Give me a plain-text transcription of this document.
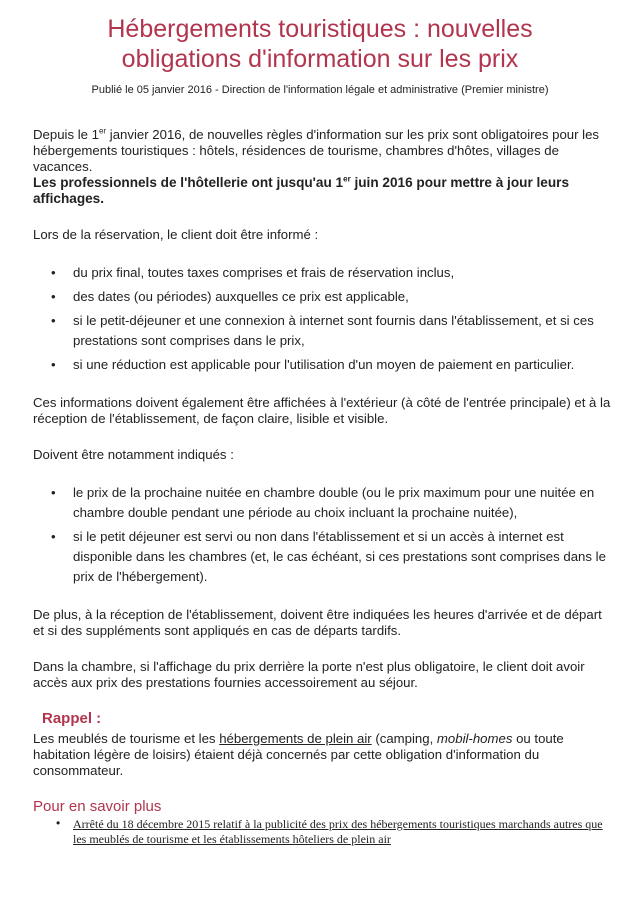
Hébergements touristiques : nouvelles
obligations d'information sur les prix
Publié le 05 janvier 2016 - Direction de l'information légale et administrative (Premier ministre)

Depuis le 1er janvier 2016, de nouvelles règles d'information sur les prix sont obligatoires pour les hébergements touristiques : hôtels, résidences de tourisme, chambres d'hôtes, villages de vacances.

Les professionnels de l'hôtellerie ont jusqu'au 1er juin 2016 pour mettre à jour leurs affichages.

Lors de la réservation, le client doit être informé :

• du prix final, toutes taxes comprises et frais de réservation inclus,
• des dates (ou périodes) auxquelles ce prix est applicable,
• si le petit-déjeuner et une connexion à internet sont fournis dans l'établissement, et si ces prestations sont comprises dans le prix,
• si une réduction est applicable pour l'utilisation d'un moyen de paiement en particulier.

Ces informations doivent également être affichées à l'extérieur (à côté de l'entrée principale) et à la réception de l'établissement, de façon claire, lisible et visible.

Doivent être notamment indiqués :

• le prix de la prochaine nuitée en chambre double (ou le prix maximum pour une nuitée en chambre double pendant une période au choix incluant la prochaine nuitée),
• si le petit déjeuner est servi ou non dans l'établissement et si un accès à internet est disponible dans les chambres (et, le cas échéant, si ces prestations sont comprises dans le prix de l'hébergement).

De plus, à la réception de l'établissement, doivent être indiquées les heures d'arrivée et de départ et si des suppléments sont appliqués en cas de départs tardifs.

Dans la chambre, si l'affichage du prix derrière la porte n'est plus obligatoire, le client doit avoir accès aux prix des prestations fournies accessoirement au séjour.

Rappel :

Les meublés de tourisme et les hébergements de plein air (camping, mobil-homes ou toute habitation légère de loisirs) étaient déjà concernés par cette obligation d'information du consommateur.

Pour en savoir plus

• Arrêté du 18 décembre 2015 relatif à la publicité des prix des hébergements touristiques marchands autres que les meublés de tourisme et les établissements hôteliers de plein air
